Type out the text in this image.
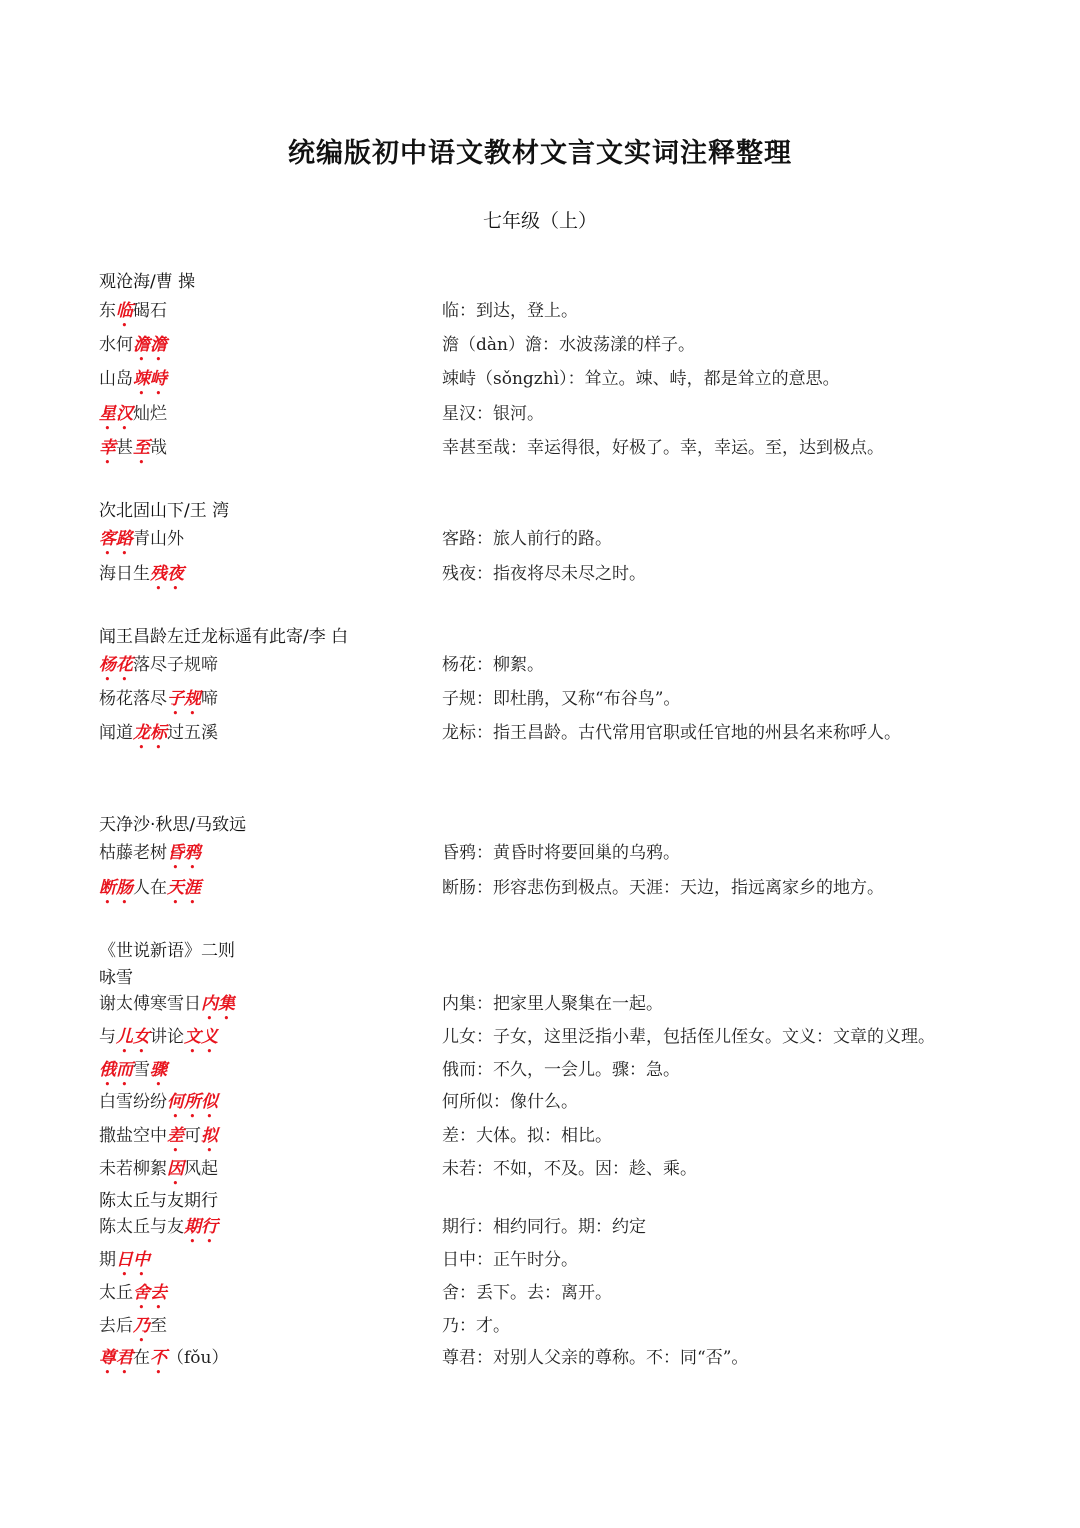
统编版初中语文教材文言文实词注释整理
七年级（上）
观沧海/曹 操
东临碣石	临：到达，登上。
水何澹澹	澹（dàn）澹：水波荡漾的样子。
山岛竦峙	竦峙（sǒngzhì）：耸立。竦、峙，都是耸立的意思。
星汉灿烂	星汉：银河。
幸甚至哉	幸甚至哉：幸运得很，好极了。幸，幸运。至，达到极点。
次北固山下/王 湾
客路青山外	客路：旅人前行的路。
海日生残夜	残夜：指夜将尽未尽之时。
闻王昌龄左迁龙标遥有此寄/李 白
杨花落尽子规啼	杨花：柳絮。
杨花落尽子规啼	子规：即杜鹃，又称“布谷鸟”。
闻道龙标过五溪	龙标：指王昌龄。古代常用官职或任官地的州县名来称呼人。
天净沙·秋思/马致远
枯藤老树昏鸦	昏鸦：黄昏时将要回巢的乌鸦。
断肠人在天涯	断肠：形容悲伤到极点。天涯：天边，指远离家乡的地方。
《世说新语》二则
咏雪
谢太傅寒雪日内集	内集：把家里人聚集在一起。
与儿女讲论文义	儿女：子女，这里泛指小辈，包括侄儿侄女。文义：文章的义理。
俄而雪骤	俄而：不久，一会儿。骤：急。
白雪纷纷何所似	何所似：像什么。
撒盐空中差可拟	差：大体。拟：相比。
未若柳絮因风起	未若：不如，不及。因：趁、乘。
陈太丘与友期行
陈太丘与友期行	期行：相约同行。期：约定
期日中	日中：正午时分。
太丘舍去	舍：丢下。去：离开。
去后乃至	乃：才。
尊君在不（fǒu）	尊君：对别人父亲的尊称。不：同“否”。
